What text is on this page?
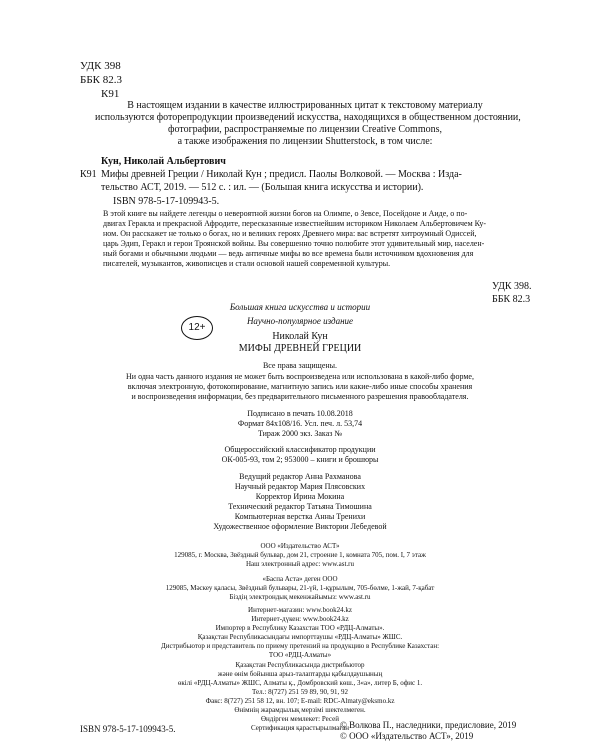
УДК 398
ББК 82.3
К91
В настоящем издании в качестве иллюстрированных цитат к текстовому материалу
используются фоторепродукции произведений искусства, находящихся в общественном достоянии,
фотографии, распространяемые по лицензии Creative Commons,
а также изображения по лицензии Shutterstock, в том числе:
Кун, Николай Альбертович
К91 Мифы древней Греции / Николай Кун ; предисл. Паолы Волковой. — Москва : Изда-
тельство АСТ, 2019. — 512 с. : ил. — (Большая книга искусства и истории).
ISBN 978-5-17-109943-5.
В этой книге вы найдете легенды о невероятной жизни богов на Олимпе, о Зевсе, Посейдоне и Аиде, о по-
двигах Геракла и прекрасной Афродите, пересказанные известнейшим историком Николаем Альбертовичем Ку-
ном. Он расскажет не только о богах, но и великих героях Древнего мира: вас встретят хитроумный Одиссей,
царь Эдип, Геракл и герои Троянской войны. Вы совершенно точно полюбите этот удивительный мир, населен-
ный богами и обычными людьми — ведь античные мифы во все времена были источником вдохновения для
писателей, музыкантов, живописцев и стали основой нашей современной культуры.
УДК 398.
ББК 82.3
12+
Большая книга искусства и истории
Научно-популярное издание
Николай Кун
МИФЫ ДРЕВНЕЙ ГРЕЦИИ
Все права защищены.
Ни одна часть данного издания не может быть воспроизведена или использована в какой-либо форме,
включая электронную, фотокопирование, магнитную запись или какие-либо иные способы хранения
и воспроизведения информации, без предварительного письменного разрешения правообладателя.
Подписано в печать 10.08.2018
Формат 84х108/16. Усл. печ. л. 53,74
Тираж 2000 экз. Заказ №
Общероссийский классификатор продукции
ОК-005-93, том 2; 953000 – книги и брошюры
Ведущий редактор Анна Рахманова
Научный редактор Мария Плясовских
Корректор Ирина Мокина
Технический редактор Татьяна Тимошина
Компьютерная верстка Анны Тренихи
Художественное оформление Виктории Лебедевой
ООО «Издательство АСТ»
129085, г. Москва, Звёздный бульвар, дом 21, строение 1, комната 705, пом. I, 7 этаж
Наш электронный адрес: www.ast.ru
«Баспа Аста» деген ООО
129085, Мәскеу қаласы, Звёздный бульвары, 21-үй, 1-құрылым, 705-бөлме, 1-жай, 7-қабат
Біздің электрондық мекенжайымыз: www.ast.ru
Интернет-магазин: www.book24.kz
Интернет-дүкен: www.book24.kz
Импортер в Республику Казахстан ТОО «РДЦ-Алматы».
Қазақстан Республикасындағы импорттаушы «РДЦ-Алматы» ЖШС.
Дистрибьютор и представитель по приему претензий на продукцию в Республике Казахстан:
ТОО «РДЦ-Алматы»
Қазақстан Республикасында дистрибьютор
және өнім бойынша арыз-талаптарды қабылдаушының
өкілі «РДЦ-Алматы» ЖШС, Алматы қ., Домбровский көш., 3«а», литер Б, офис 1.
Тел.: 8(727) 251 59 89, 90, 91, 92
Факс: 8(727) 251 58 12, вн. 107; E-mail: RDC-Almaty@eksmo.kz
Өнімнің жарамдылық мерзімі шектелмеген.
Өндірген мемлекет: Ресей
Сертификация қарастырылмаған
ISBN 978-5-17-109943-5.	© Волкова П., наследники, предисловие, 2019
© ООО «Издательство АСТ», 2019
